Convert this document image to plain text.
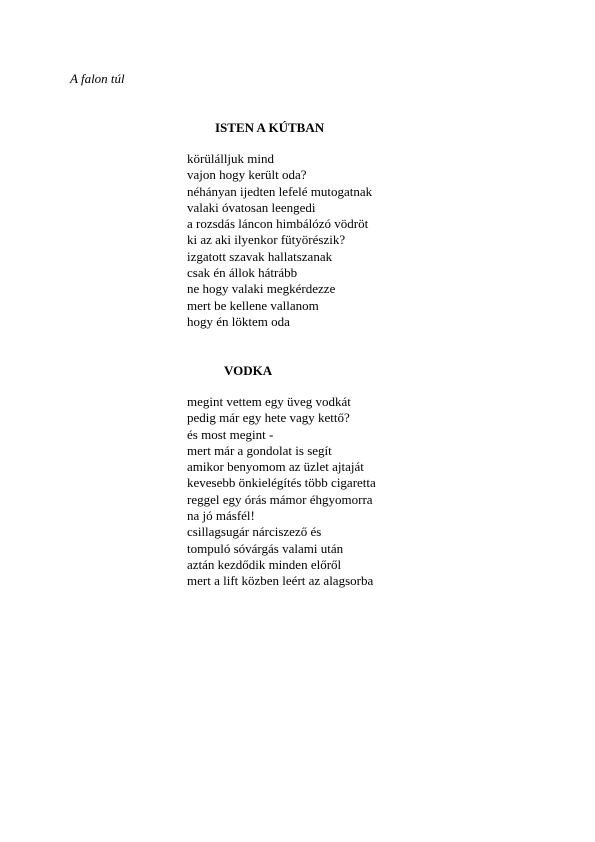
A falon túl
ISTEN A KÚTBAN
körülálljuk mind
vajon hogy került oda?
néhányan ijedten lefelé mutogatnak
valaki óvatosan leengedi
a rozsdás láncon himbálózó vödröt
ki az aki ilyenkor fütyörészik?
izgatott szavak hallatszanak
csak én állok hátrább
ne hogy valaki megkérdezze
mert be kellene vallanom
hogy én löktem oda
VODKA
megint vettem egy üveg vodkát
pedig már egy hete vagy kettő?
és most megint -
mert már a gondolat is segít
amikor benyomom az üzlet ajtaját
kevesebb önkielégítés több cigaretta
reggel egy órás mámor éhgyomorra
na jó másfél!
csillagsugár nárciszező és
tompuló sóvárgás valami után
aztán kezdődik minden előről
mert a lift közben leért az alagsorba
